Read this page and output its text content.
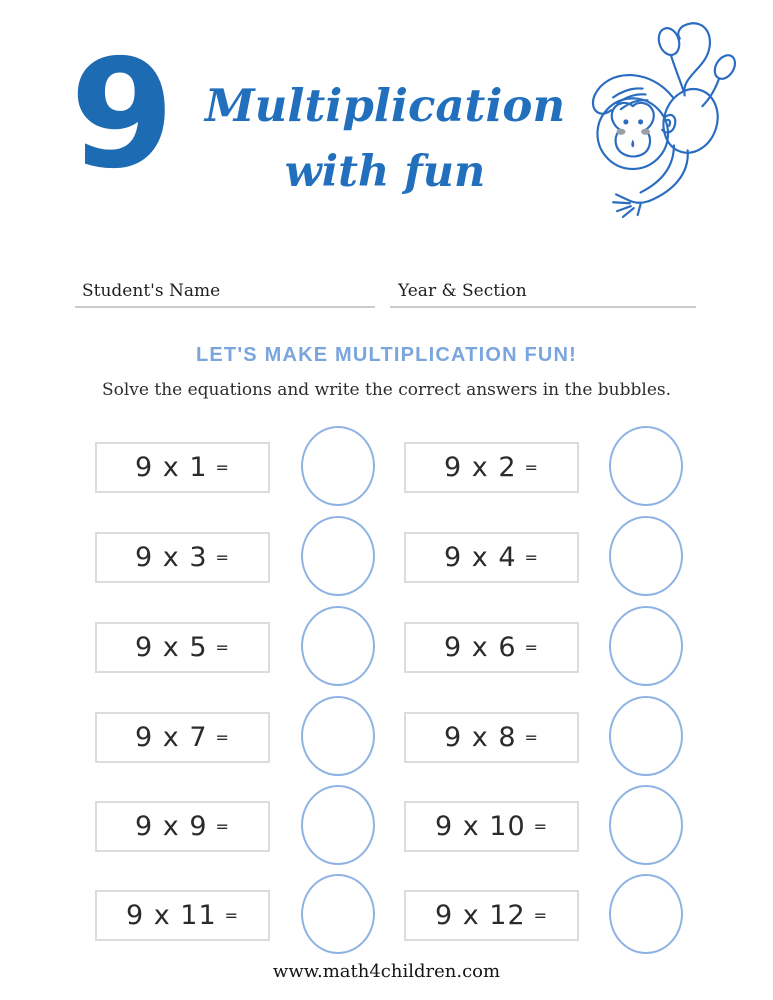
9 Multiplication
with fun
Student's Name	Year & Section
LET'S MAKE MULTIPLICATION FUN!
Solve the equations and write the correct answers in the bubbles.
9 x 1 =	9 x 2 =
9 x 3 =	9 x 4 =
9 x 5 =	9 x 6 =
9 x 7 =	9 x 8 =
9 x 9 =	9 x 10 =
9 x 11 =	9 x 12 =
www.math4children.com
